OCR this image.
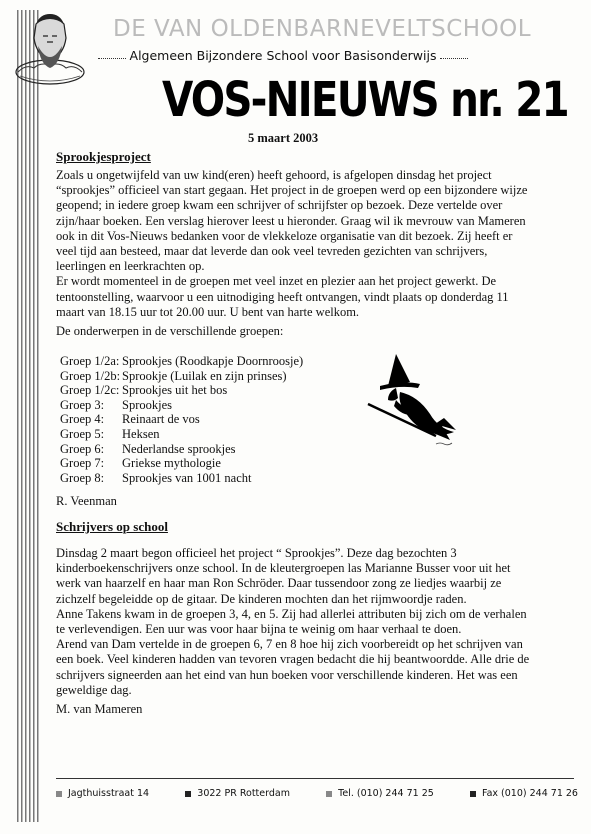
DE VAN OLDENBARNEVELTSCHOOL
Algemeen Bijzondere School voor Basisonderwijs
VOS-NIEUWS nr. 21
5 maart 2003
Sprookjesproject

Zoals u ongetwijfeld van uw kind(eren) heeft gehoord, is afgelopen dinsdag het project “sprookjes” officieel van start gegaan. Het project in de groepen werd op een bijzondere wijze geopend; in iedere groep kwam een schrijver of schrijfster op bezoek. Deze vertelde over zijn/haar boeken. Een verslag hierover leest u hieronder. Graag wil ik mevrouw van Mameren ook in dit Vos-Nieuws bedanken voor de vlekkeloze organisatie van dit bezoek. Zij heeft er veel tijd aan besteed, maar dat leverde dan ook veel tevreden gezichten van schrijvers, leerlingen en leerkrachten op.

Er wordt momenteel in de groepen met veel inzet en plezier aan het project gewerkt. De tentoonstelling, waarvoor u een uitnodiging heeft ontvangen, vindt plaats op donderdag 11 maart van 18.15 uur tot 20.00 uur. U bent van harte welkom.

De onderwerpen in de verschillende groepen:
Groep 1/2a: Sprookjes (Roodkapje Doornroosje)
Groep 1/2b: Sprookje (Luilak en zijn prinses)
Groep 1/2c: Sprookjes uit het bos
Groep 3:	Sprookjes
Groep 4:	Reinaart de vos
Groep 5:	Heksen
Groep 6:	Nederlandse sprookjes
Groep 7:	Griekse mythologie
Groep 8:	Sprookjes van 1001 nacht
R. Veenman
Schrijvers op school

Dinsdag 2 maart begon officieel het project “ Sprookjes”. Deze dag bezochten 3 kinderboekenschrijvers onze school. In de kleutergroepen las Marianne Busser voor uit het werk van haarzelf en haar man Ron Schröder. Daar tussendoor zong ze liedjes waarbij ze zichzelf begeleidde op de gitaar. De kinderen mochten dan het rijmwoordje raden.

Anne Takens kwam in de groepen 3, 4, en 5. Zij had allerlei attributen bij zich om de verhalen te verlevendigen. Een uur was voor haar bijna te weinig om haar verhaal te doen.

Arend van Dam vertelde in de groepen 6, 7 en 8 hoe hij zich voorbereidt op het schrijven van een boek. Veel kinderen hadden van tevoren vragen bedacht die hij beantwoordde. Alle drie de schrijvers signeerden aan het eind van hun boeken voor verschillende kinderen. Het was een geweldige dag.

M. van Mameren
Jagthuisstraat 14	3022 PR Rotterdam	Tel. (010) 244 71 25	Fax (010) 244 71 26
